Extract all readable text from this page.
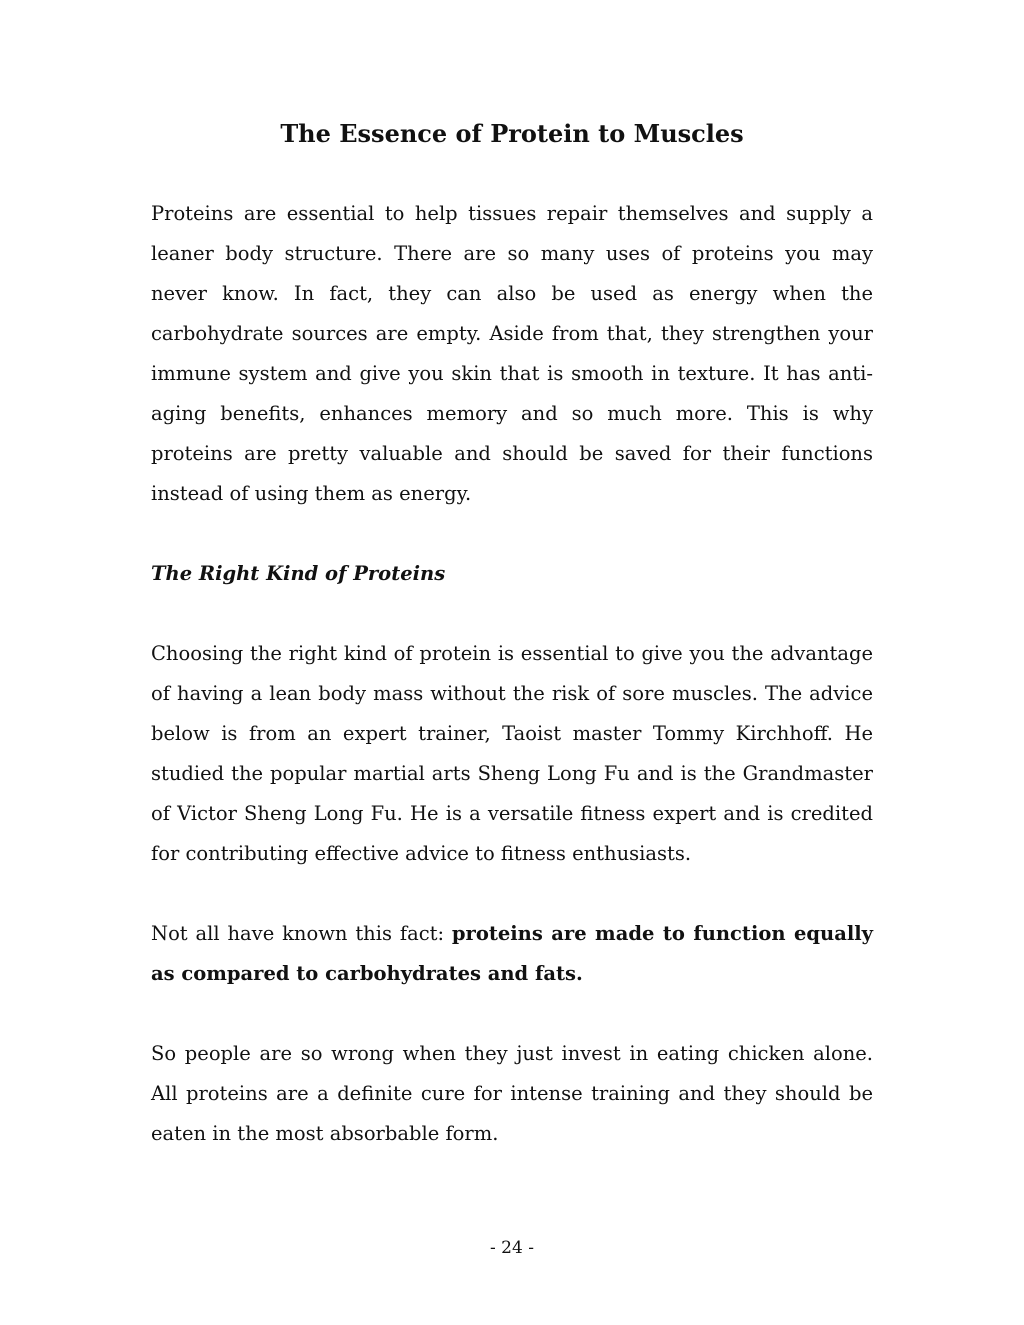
The Essence of Protein to Muscles

Proteins are essential to help tissues repair themselves and supply a leaner body structure. There are so many uses of proteins you may never know. In fact, they can also be used as energy when the carbohydrate sources are empty. Aside from that, they strengthen your immune system and give you skin that is smooth in texture. It has anti-aging benefits, enhances memory and so much more. This is why proteins are pretty valuable and should be saved for their functions instead of using them as energy.

The Right Kind of Proteins

Choosing the right kind of protein is essential to give you the advantage of having a lean body mass without the risk of sore muscles. The advice below is from an expert trainer, Taoist master Tommy Kirchhoff. He studied the popular martial arts Sheng Long Fu and is the Grandmaster of Victor Sheng Long Fu. He is a versatile fitness expert and is credited for contributing effective advice to fitness enthusiasts.

Not all have known this fact: proteins are made to function equally as compared to carbohydrates and fats.

So people are so wrong when they just invest in eating chicken alone. All proteins are a definite cure for intense training and they should be eaten in the most absorbable form.

- 24 -
